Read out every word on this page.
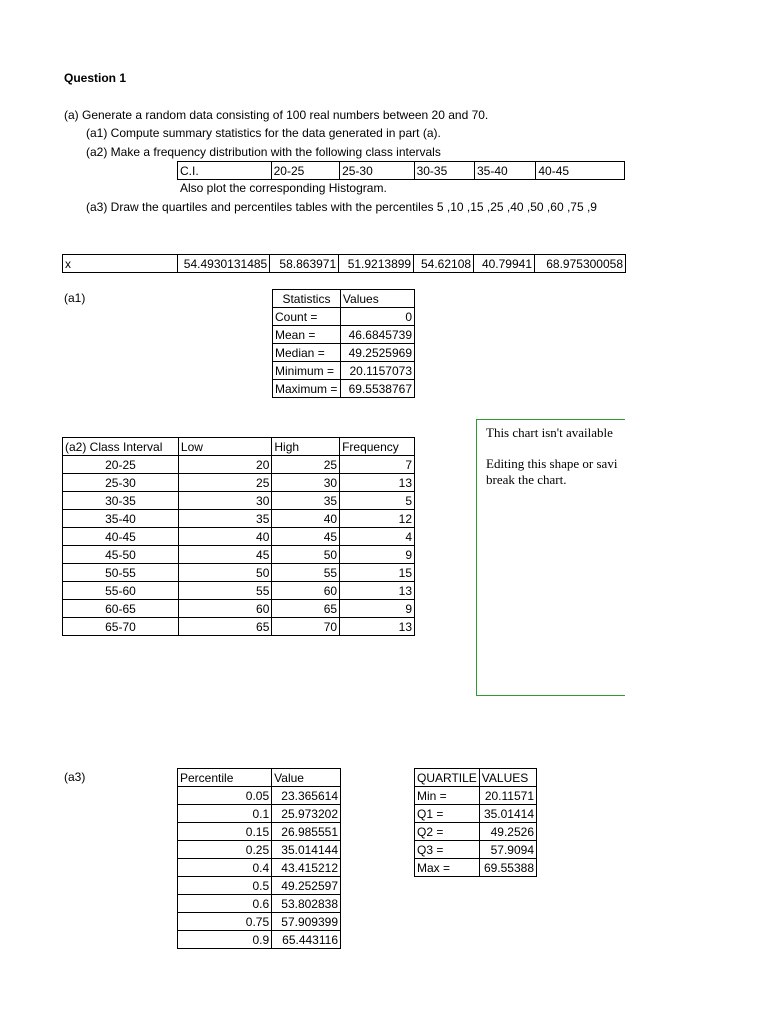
Question 1
(a) Generate a random data consisting of 100 real numbers between 20 and 70.
(a1) Compute summary statistics for the data generated in part (a).
(a2) Make a frequency distribution with the following class intervals
C.I.	20-25	25-30	30-35	35-40	40-45
Also plot the corresponding Histogram.
(a3) Draw the quartiles and percentiles tables with the percentiles 5 ,10 ,15 ,25 ,40 ,50 ,60 ,75 ,9
x	54.4930131485	58.863971	51.9213899	54.62108	40.79941	68.975300058
(a1)	Statistics	Values
Count =	0
Mean =	46.6845739
Median =	49.2525969
Minimum =	20.1157073
Maximum =	69.5538767
(a2) Class Interval	Low	High	Frequency
20-25	20	25	7
25-30	25	30	13
30-35	30	35	5
35-40	35	40	12
40-45	40	45	4
45-50	45	50	9
50-55	50	55	15
55-60	55	60	13
60-65	60	65	9
65-70	65	70	13
This chart isn't available
Editing this shape or savi
break the chart.
(a3)	Percentile	Value
0.05	23.365614
0.1	25.973202
0.15	26.985551
0.25	35.014144
0.4	43.415212
0.5	49.252597
0.6	53.802838
0.75	57.909399
0.9	65.443116
QUARTILE	VALUES
Min =	20.11571
Q1 =	35.01414
Q2 =	49.2526
Q3 =	57.9094
Max =	69.55388
